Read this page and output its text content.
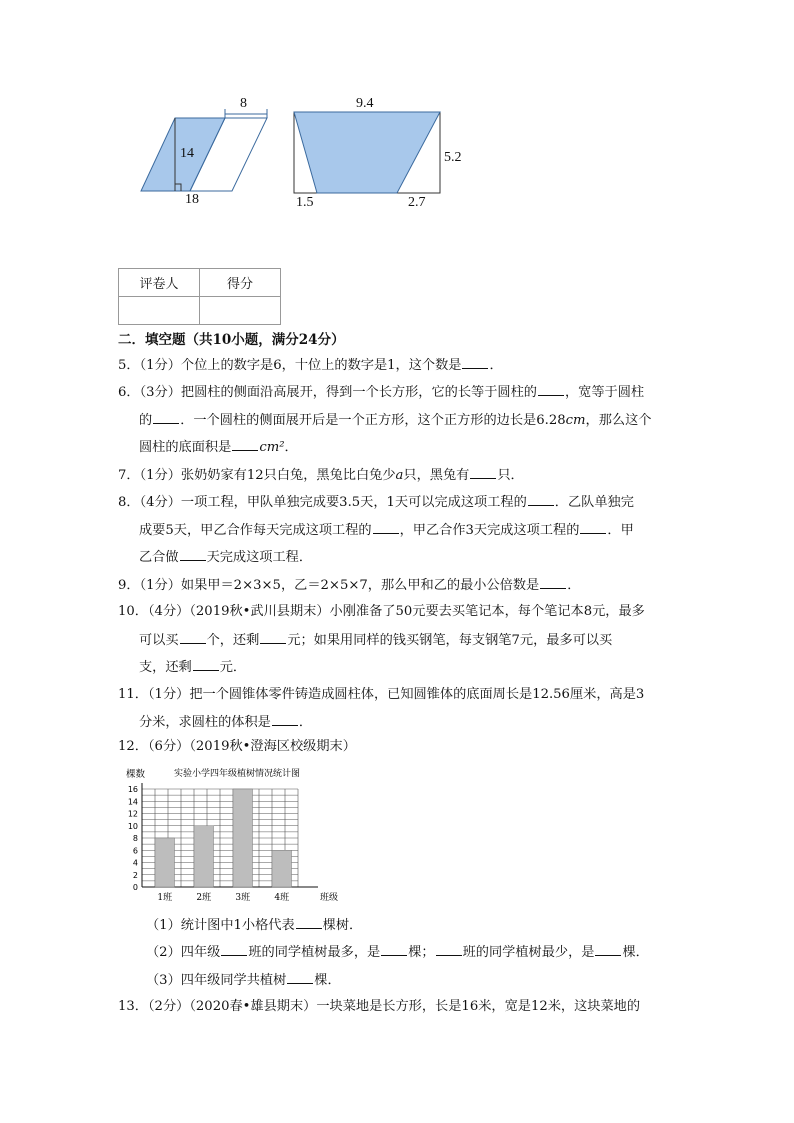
8
14
18
9.4
5.2
1.5	2.7
评卷人	得分

二．填空题（共10小题，满分24分）
5．（1分）个位上的数字是6，十位上的数字是1，这个数是 ．
6．（3分）把圆柱的侧面沿高展开，得到一个长方形，它的长等于圆柱的 ，宽等于圆柱
的 ．一个圆柱的侧面展开后是一个正方形，这个正方形的边长是6.28cm，那么这个
圆柱的底面积是 cm²．
7．（1分）张奶奶家有12只白兔，黑兔比白兔少a只，黑兔有 只．
8．（4分）一项工程，甲队单独完成要3.5天，1天可以完成这项工程的 ．乙队单独完
成要5天，甲乙合作每天完成这项工程的 ，甲乙合作3天完成这项工程的 ．甲
乙合做 天完成这项工程．
9．（1分）如果甲＝2×3×5，乙＝2×5×7，那么甲和乙的最小公倍数是 ．
10．（4分）（2019秋•武川县期末）小刚准备了50元要去买笔记本，每个笔记本8元，最多
可以买 个，还剩 元；如果用同样的钱买钢笔，每支钢笔7元，最多可以买
支，还剩 元．
11．（1分）把一个圆锥体零件铸造成圆柱体，已知圆锥体的底面周长是12.56厘米，高是3
分米，求圆柱的体积是 ．
12．（6分）（2019秋•澄海区校级期末）
1班	2班	3班	4班
0
2
4
6
8
10
12
14
16
棵数	实验小学四年级植树情况统计图
班级
（1）统计图中1小格代表 棵树．
（2）四年级 班的同学植树最多，是 棵； 班的同学植树最少，是 棵．
（3）四年级同学共植树 棵．
13．（2分）（2020春•雄县期末）一块菜地是长方形，长是16米，宽是12米，这块菜地的
